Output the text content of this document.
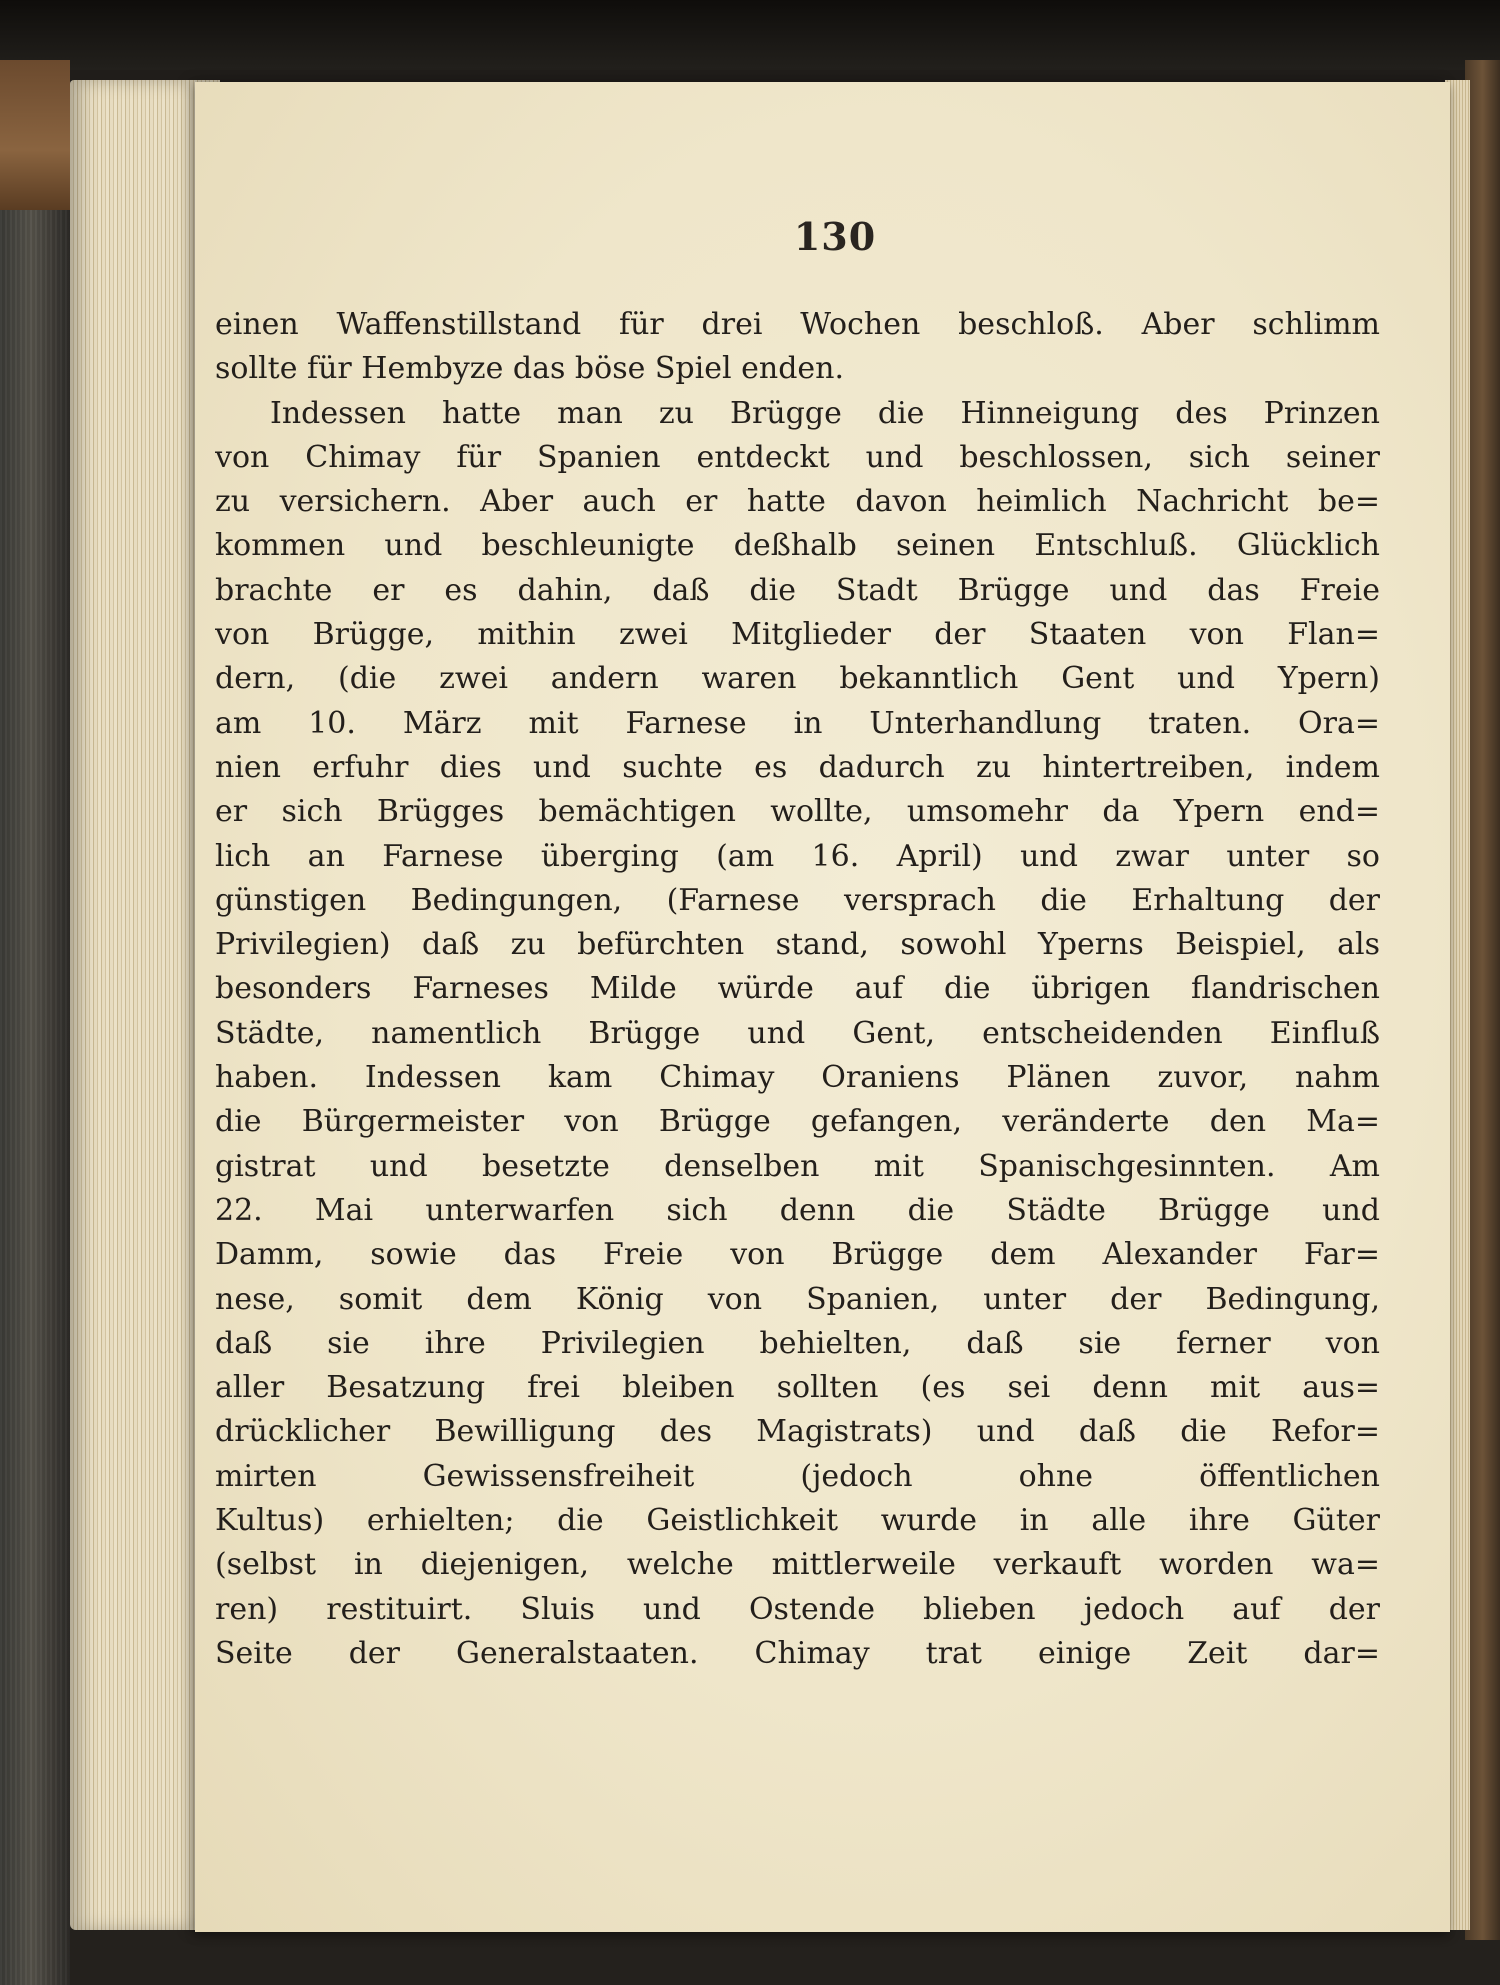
130
einen Waffenstillstand für drei Wochen beschloß. Aber schlimm
sollte für Hembyze das böse Spiel enden.
Indessen hatte man zu Brügge die Hinneigung des Prinzen
von Chimay für Spanien entdeckt und beschlossen, sich seiner
zu versichern. Aber auch er hatte davon heimlich Nachricht be=
kommen und beschleunigte deßhalb seinen Entschluß. Glücklich
brachte er es dahin, daß die Stadt Brügge und das Freie
von Brügge, mithin zwei Mitglieder der Staaten von Flan=
dern, (die zwei andern waren bekanntlich Gent und Ypern)
am 10. März mit Farnese in Unterhandlung traten. Ora=
nien erfuhr dies und suchte es dadurch zu hintertreiben, indem
er sich Brügges bemächtigen wollte, umsomehr da Ypern end=
lich an Farnese überging (am 16. April) und zwar unter so
günstigen Bedingungen, (Farnese versprach die Erhaltung der
Privilegien) daß zu befürchten stand, sowohl Yperns Beispiel, als
besonders Farneses Milde würde auf die übrigen flandrischen
Städte, namentlich Brügge und Gent, entscheidenden Einfluß
haben. Indessen kam Chimay Oraniens Plänen zuvor, nahm
die Bürgermeister von Brügge gefangen, veränderte den Ma=
gistrat und besetzte denselben mit Spanischgesinnten. Am
22. Mai unterwarfen sich denn die Städte Brügge und
Damm, sowie das Freie von Brügge dem Alexander Far=
nese, somit dem König von Spanien, unter der Bedingung,
daß sie ihre Privilegien behielten, daß sie ferner von
aller Besatzung frei bleiben sollten (es sei denn mit aus=
drücklicher Bewilligung des Magistrats) und daß die Refor=
mirten Gewissensfreiheit (jedoch ohne öffentlichen
Kultus) erhielten; die Geistlichkeit wurde in alle ihre Güter
(selbst in diejenigen, welche mittlerweile verkauft worden wa=
ren) restituirt. Sluis und Ostende blieben jedoch auf der
Seite der Generalstaaten. Chimay trat einige Zeit dar=
